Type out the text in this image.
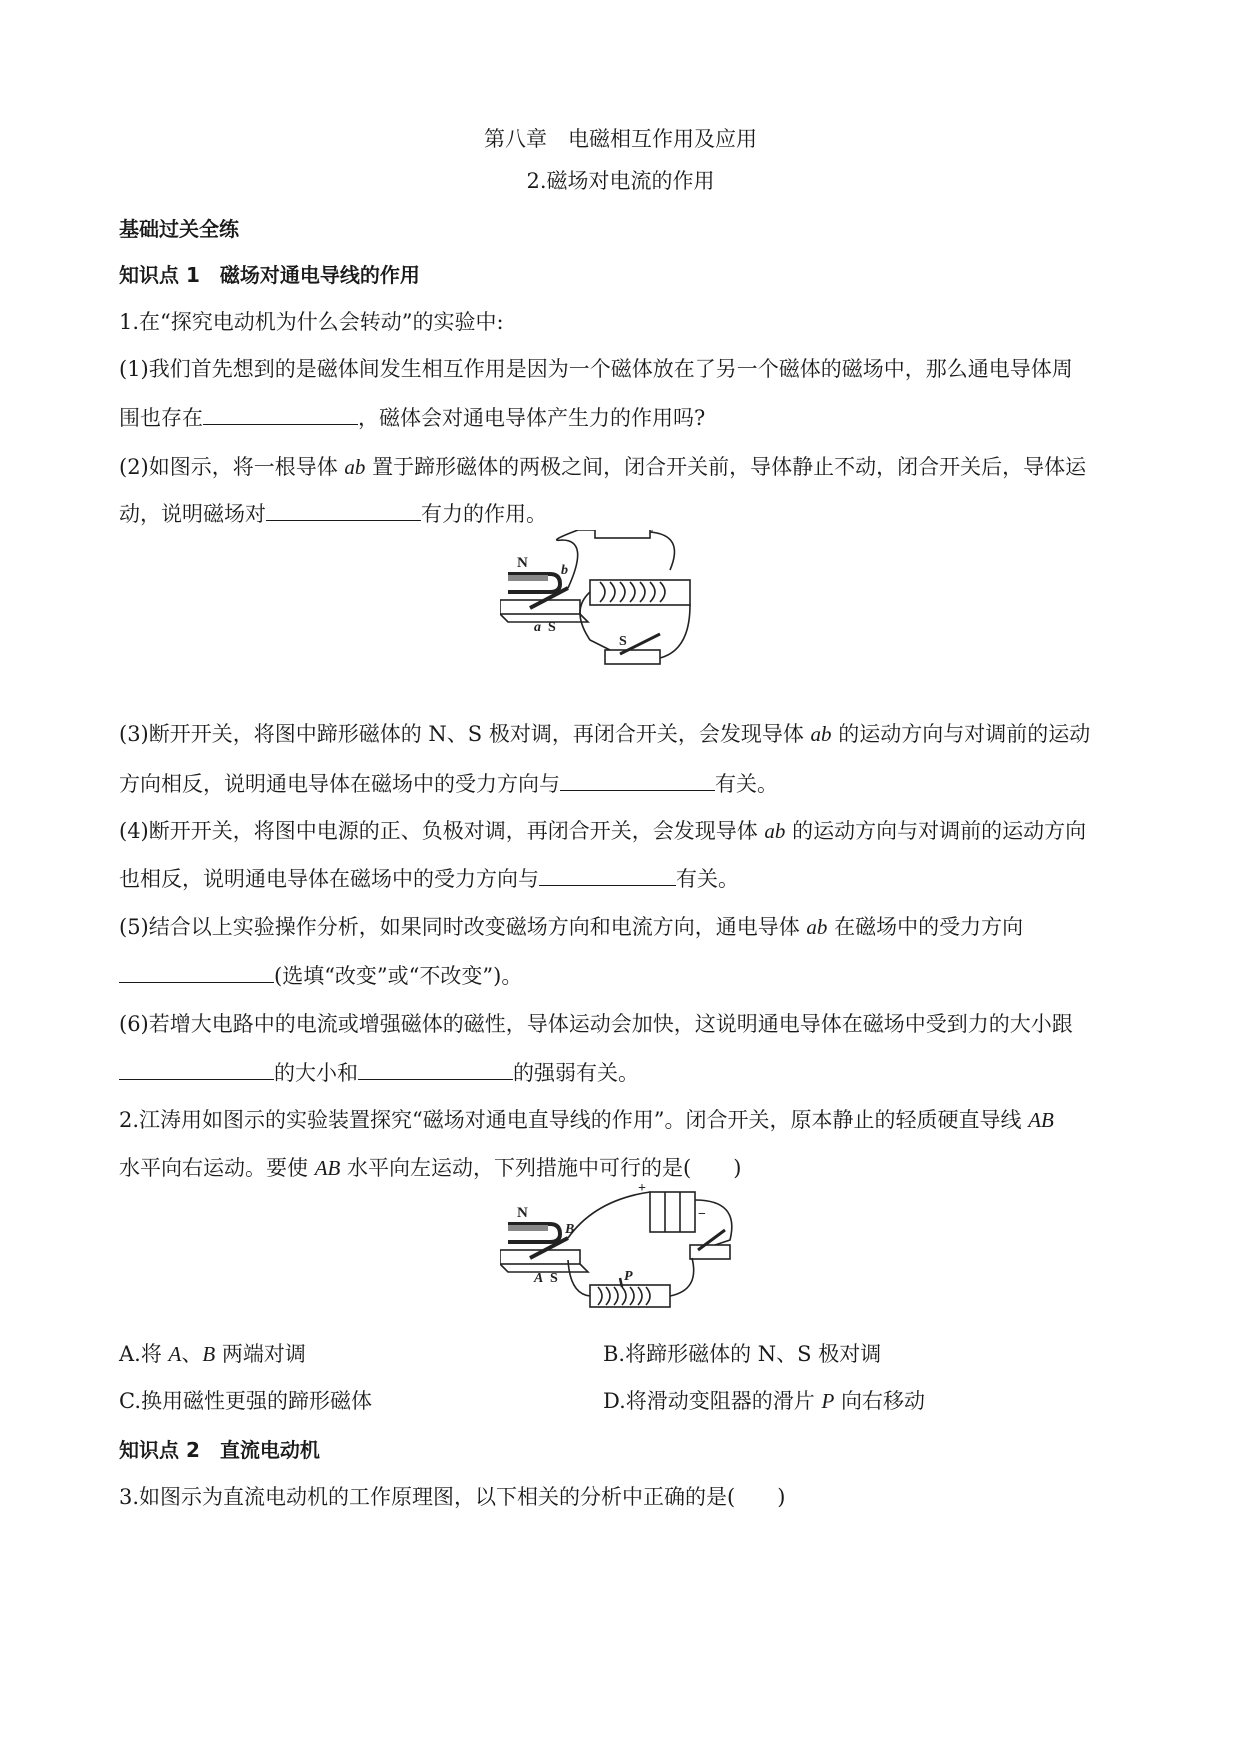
第八章　电磁相互作用及应用
2.磁场对电流的作用
基础过关全练
知识点 1　磁场对通电导线的作用
1.在“探究电动机为什么会转动”的实验中:
(1)我们首先想到的是磁体间发生相互作用是因为一个磁体放在了另一个磁体的磁场中，那么通电导体周
围也存在	，磁体会对通电导体产生力的作用吗?
(2)如图示，将一根导体 ab 置于蹄形磁体的两极之间，闭合开关前，导体静止不动，闭合开关后，导体运
动，说明磁场对	有力的作用。
N b
a S
S
−	+
(3)断开开关，将图中蹄形磁体的 N、S 极对调，再闭合开关，会发现导体 ab 的运动方向与对调前的运动
方向相反，说明通电导体在磁场中的受力方向与	有关。
(4)断开开关，将图中电源的正、负极对调，再闭合开关，会发现导体 ab 的运动方向与对调前的运动方向
也相反，说明通电导体在磁场中的受力方向与	有关。
(5)结合以上实验操作分析，如果同时改变磁场方向和电流方向，通电导体 ab 在磁场中的受力方向
(选填“改变”或“不改变”)。
(6)若增大电路中的电流或增强磁体的磁性，导体运动会加快，这说明通电导体在磁场中受到力的大小跟
的大小和	的强弱有关。
2.江涛用如图示的实验装置探究“磁场对通电直导线的作用”。闭合开关，原本静止的轻质硬直导线 AB
水平向右运动。要使 AB 水平向左运动，下列措施中可行的是(　　)
N
B
A S	P
+
−
A.将 A、B 两端对调	B.将蹄形磁体的 N、S 极对调
C.换用磁性更强的蹄形磁体	D.将滑动变阻器的滑片 P 向右移动
知识点 2　直流电动机
3.如图示为直流电动机的工作原理图，以下相关的分析中正确的是(　　)
